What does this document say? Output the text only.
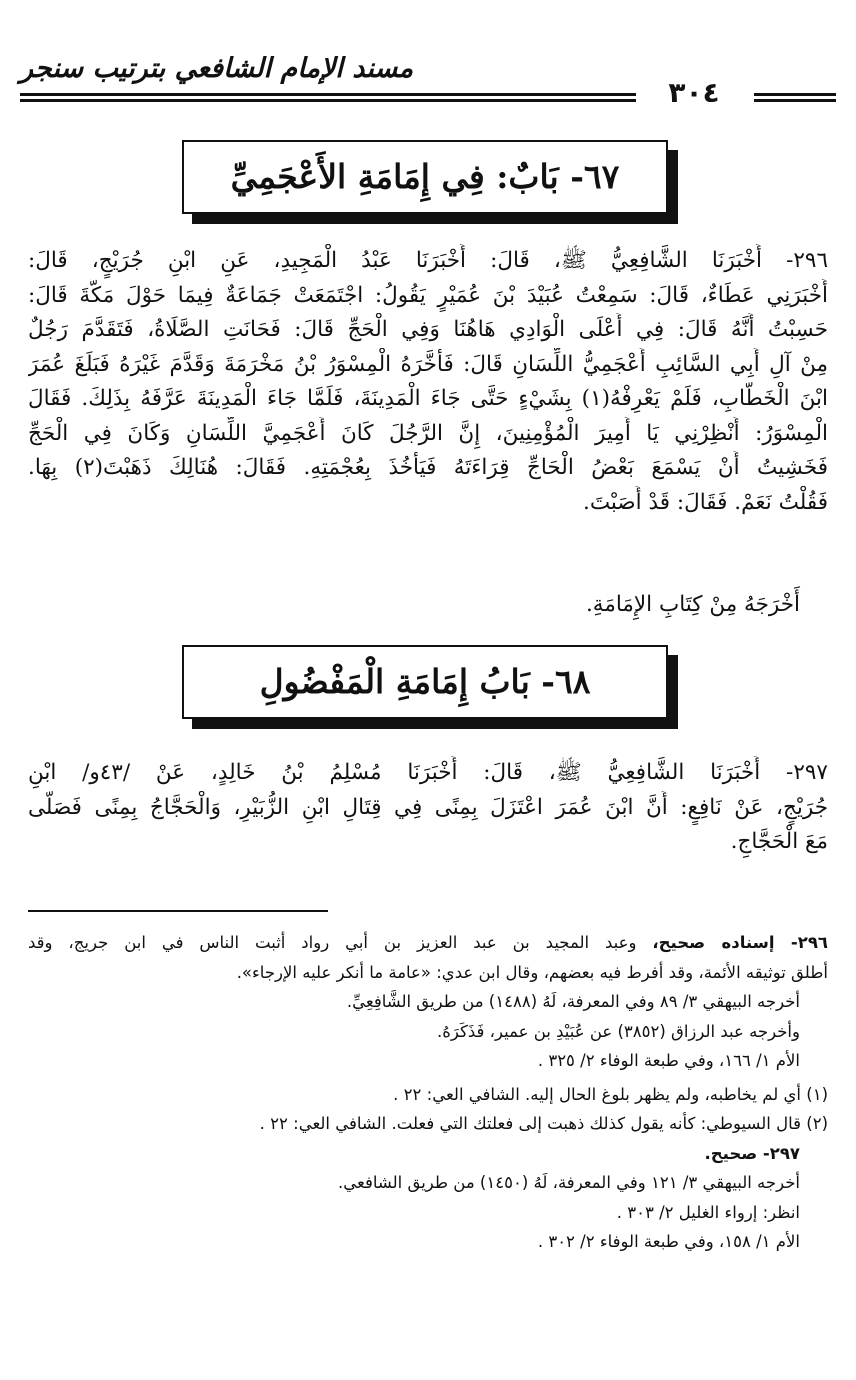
مسند الإمام الشافعي بترتيب سنجر
٣٠٤
٦٧- بَابٌ: فِي إِمَامَةِ الأَعْجَمِيِّ
٢٩٦- أَخْبَرَنَا الشَّافِعِيُّ ﷺ، قَالَ: أَخْبَرَنَا عَبْدُ الْمَجِيدِ، عَنِ ابْنِ جُرَيْجٍ، قَالَ:
أَخْبَرَنِي عَطَاءٌ، قَالَ: سَمِعْتُ عُبَيْدَ بْنَ عُمَيْرٍ يَقُولُ: اجْتَمَعَتْ جَمَاعَةٌ فِيمَا حَوْلَ مَكَّةَ قَالَ:
حَسِبْتُ أَنَّهُ قَالَ: فِي أَعْلَى الْوَادِي هَاهُنَا وَفِي الْحَجِّ قَالَ: فَحَانَتِ الصَّلَاةُ، فَتَقَدَّمَ رَجُلٌ
مِنْ آلِ أَبِي السَّائِبِ أَعْجَمِيُّ اللِّسَانِ قَالَ: فَأَخَّرَهُ الْمِسْوَرُ بْنُ مَخْرَمَةَ وَقَدَّمَ غَيْرَهُ فَبَلَغَ عُمَرَ
ابْنَ الْخَطَّابِ، فَلَمْ يَعْرِفْهُ(١) بِشَيْءٍ حَتَّى جَاءَ الْمَدِينَةَ، فَلَمَّا جَاءَ الْمَدِينَةَ عَرَّفَهُ بِذَلِكَ. فَقَالَ
الْمِسْوَرُ: أَنْظِرْنِي يَا أَمِيرَ الْمُؤْمِنِينَ، إِنَّ الرَّجُلَ كَانَ أَعْجَمِيَّ اللِّسَانِ وَكَانَ فِي الْحَجِّ
فَخَشِيتُ أَنْ يَسْمَعَ بَعْضُ الْحَاجِّ قِرَاءَتَهُ فَيَأْخُذَ بِعُجْمَتِهِ. فَقَالَ: هُنَالِكَ ذَهَبْتَ(٢) بِهَا.
فَقُلْتُ نَعَمْ. فَقَالَ: قَدْ أَصَبْتَ.
أَخْرَجَهُ مِنْ كِتَابِ الإِمَامَةِ.
٦٨- بَابُ إِمَامَةِ الْمَفْضُولِ
٢٩٧- أَخْبَرَنَا الشَّافِعِيُّ ﷺ، قَالَ: أَخْبَرَنَا مُسْلِمُ بْنُ خَالِدٍ، عَنْ /٤٣و/ ابْنِ
جُرَيْجٍ، عَنْ نَافِعٍ: أَنَّ ابْنَ عُمَرَ اعْتَزَلَ بِمِنًى فِي قِتَالِ ابْنِ الزُّبَيْرِ، وَالْحَجَّاجُ بِمِنًى فَصَلَّى
مَعَ الْحَجَّاجِ.
٢٩٦- إسناده صحيح، وعبد المجيد بن عبد العزيز بن أبي رواد أثبت الناس في ابن جريج، وقد
أطلق توثيقه الأئمة، وقد أفرط فيه بعضهم، وقال ابن عدي: «عامة ما أنكر عليه الإرجاء».
أخرجه البيهقي ٣/ ٨٩ وفي المعرفة، لَهُ (١٤٨٨) من طريق الشَّافِعِيِّ.
وأخرجه عبد الرزاق (٣٨٥٢) عن عُبَيْدِ بن عمير، فَذَكَرَهُ.
الأم ١/ ١٦٦، وفي طبعة الوفاء ٢/ ٣٢٥ .
(١) أي لم يخاطبه، ولم يظهر بلوغ الحال إليه. الشافي العي: ٢٢ .
(٢) قال السيوطي: كأنه يقول كذلك ذهبت إلى فعلتك التي فعلت. الشافي العي: ٢٢ .
٢٩٧- صحيح.
أخرجه البيهقي ٣/ ١٢١ وفي المعرفة، لَهُ (١٤٥٠) من طريق الشافعي.
انظر: إرواء الغليل ٢/ ٣٠٣ .
الأم ١/ ١٥٨، وفي طبعة الوفاء ٢/ ٣٠٢ .
